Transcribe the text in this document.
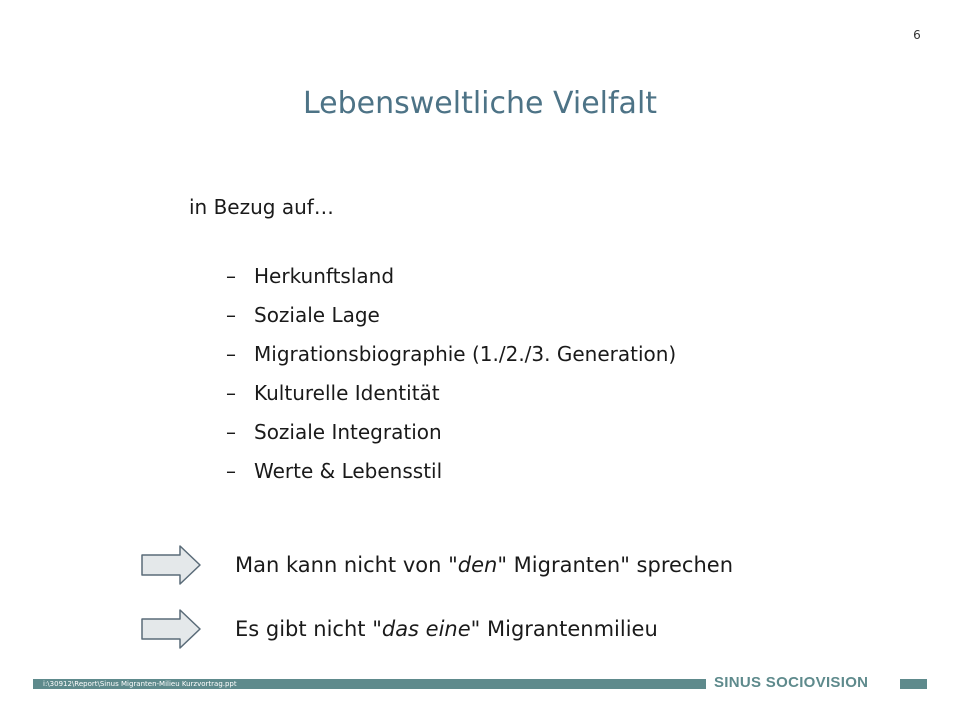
6
Lebensweltliche Vielfalt
in Bezug auf…
– Herkunftsland
– Soziale Lage
– Migrationsbiographie (1./2./3. Generation)
– Kulturelle Identität
– Soziale Integration
– Werte & Lebensstil
Man kann nicht von "den" Migranten" sprechen
Es gibt nicht "das eine" Migrantenmilieu
i:\30912\Report\Sinus Migranten-Milieu Kurzvortrag.ppt	SINUS SOCIOVISION
